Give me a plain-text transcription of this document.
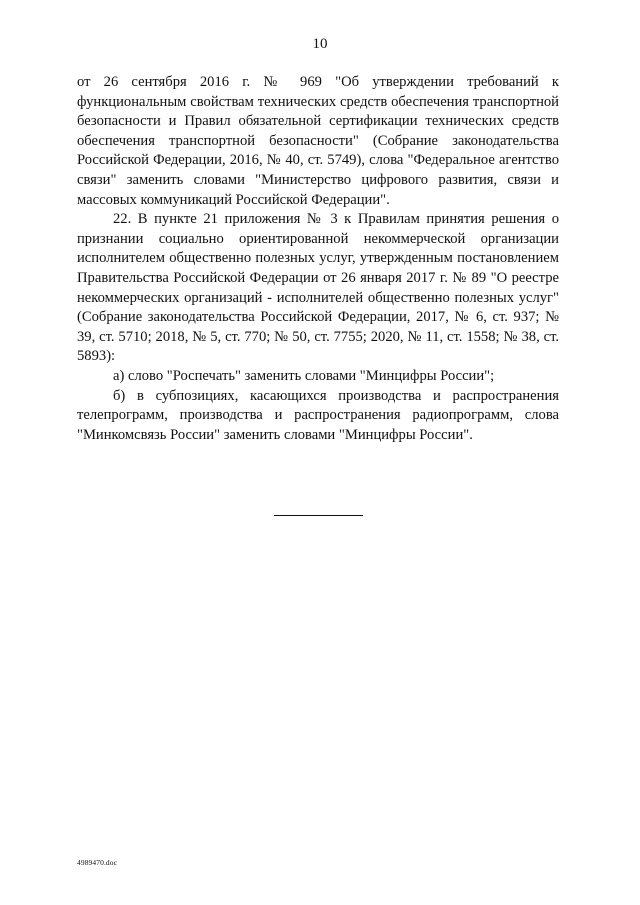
10

от 26 сентября 2016 г. № 969 "Об утверждении требований к функциональным свойствам технических средств обеспечения транспортной безопасности и Правил обязательной сертификации технических средств обеспечения транспортной безопасности" (Собрание законодательства Российской Федерации, 2016, № 40, ст. 5749), слова "Федеральное агентство связи" заменить словами "Министерство цифрового развития, связи и массовых коммуникаций Российской Федерации".

22. В пункте 21 приложения № 3 к Правилам принятия решения о признании социально ориентированной некоммерческой организации исполнителем общественно полезных услуг, утвержденным постановлением Правительства Российской Федерации от 26 января 2017 г. № 89 "О реестре некоммерческих организаций - исполнителей общественно полезных услуг" (Собрание законодательства Российской Федерации, 2017, № 6, ст. 937; № 39, ст. 5710; 2018, № 5, ст. 770; № 50, ст. 7755; 2020, № 11, ст. 1558; № 38, ст. 5893):

а) слово "Роспечать" заменить словами "Минцифры России";

б) в субпозициях, касающихся производства и распространения телепрограмм, производства и распространения радиопрограмм, слова "Минкомсвязь России" заменить словами "Минцифры России".

4989470.doc
